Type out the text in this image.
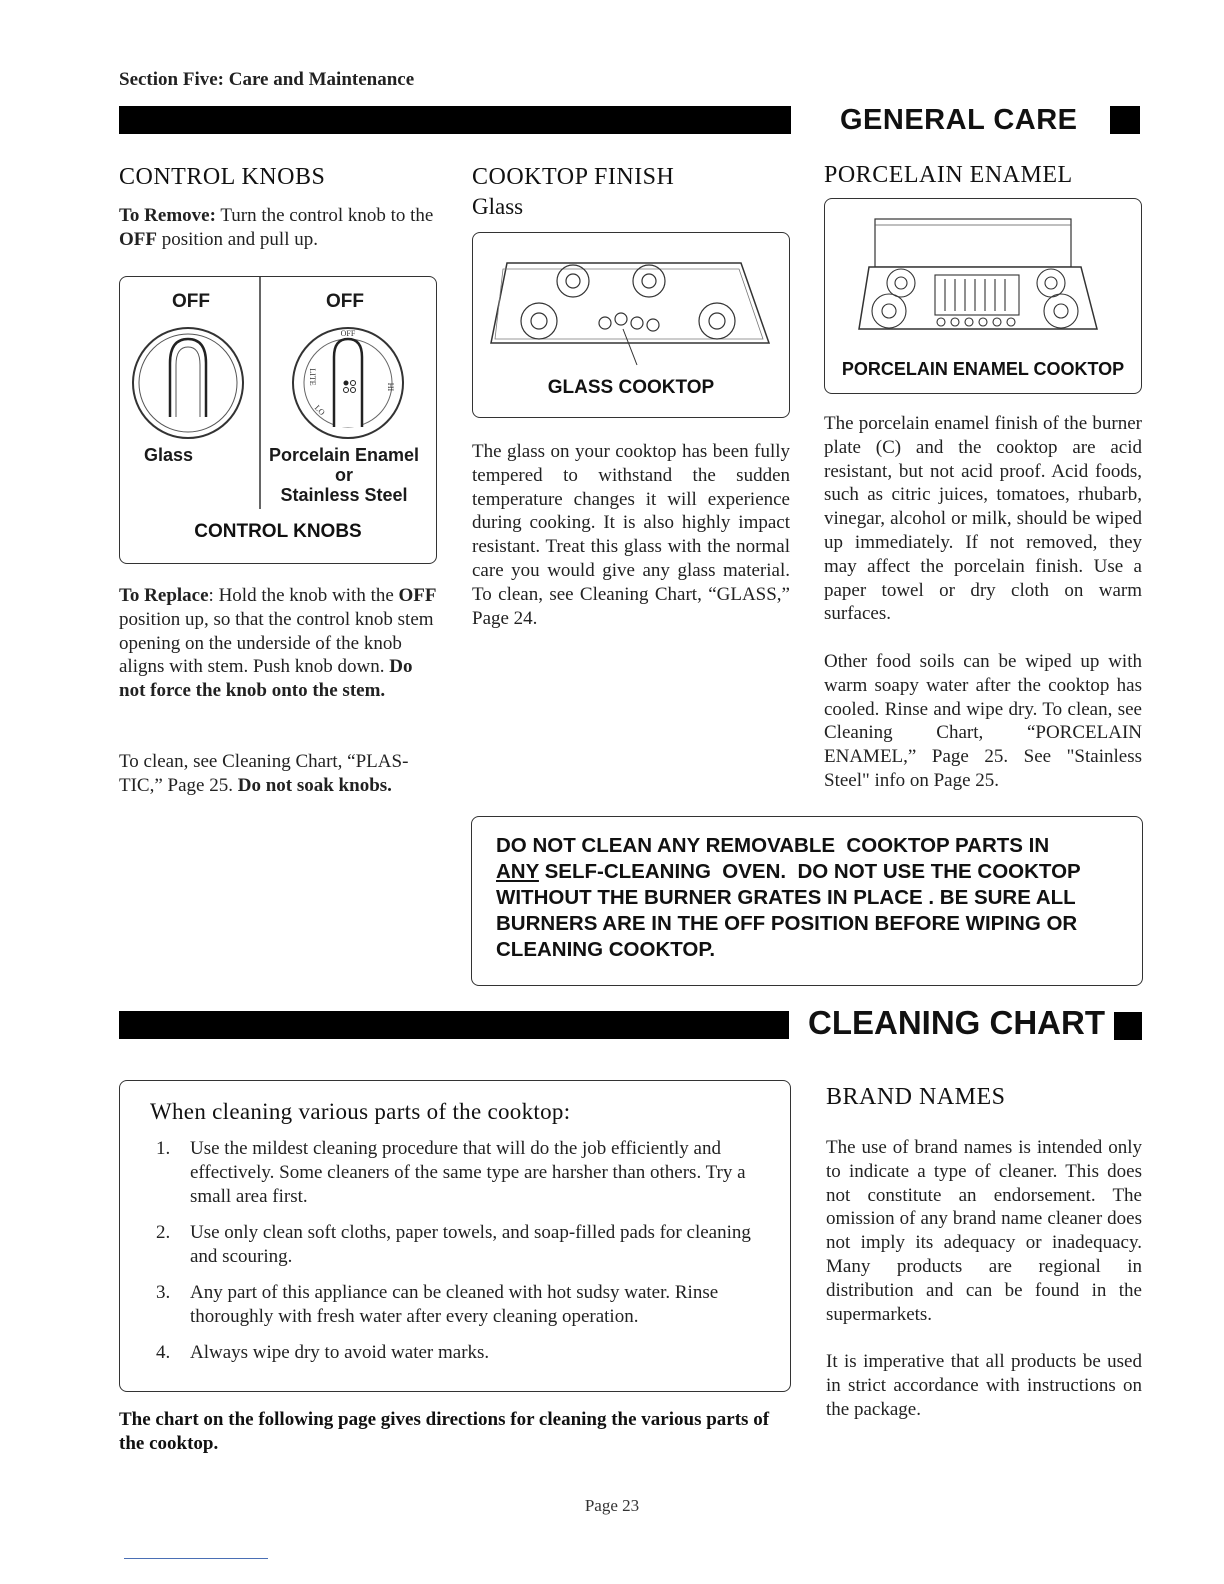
Section Five: Care and Maintenance
GENERAL CARE
CONTROL KNOBS
To Remove: Turn the control knob to the OFF position and pull up.
OFF
HI
LITE
LO
OFF	OFF
Glass	Porcelain Enamel
or
Stainless Steel
CONTROL KNOBS
To Replace: Hold the knob with the OFF position up, so that the control knob stem opening on the underside of the knob aligns with stem. Push knob down. Do not force the knob onto the stem.
To clean, see Cleaning Chart, “PLAS-TIC,” Page 25. Do not soak knobs.
COOKTOP FINISH
Glass
GLASS COOKTOP
The glass on your cooktop has been fully tempered to withstand the sudden temperature changes it will experience during cooking. It is also highly impact resistant. Treat this glass with the normal care you would give any glass material. To clean, see Cleaning Chart, “GLASS,” Page 24.
PORCELAIN ENAMEL
PORCELAIN ENAMEL COOKTOP
The porcelain enamel finish of the burner plate (C) and the cooktop are acid resistant, but not acid proof. Acid foods, such as citric juices, tomatoes, rhubarb, vinegar, alcohol or milk, should be wiped up immediately. If not removed, they may affect the porcelain finish. Use a paper towel or dry cloth on warm surfaces.
Other food soils can be wiped up with warm soapy water after the cooktop has cooled. Rinse and wipe dry. To clean, see Cleaning Chart, “PORCELAIN ENAMEL,” Page 25. See "Stainless Steel" info on Page 25.
DO NOT CLEAN ANY REMOVABLE  COOKTOP PARTS IN
ANY SELF-CLEANING  OVEN.  DO NOT USE THE COOKTOP
WITHOUT THE BURNER GRATES IN PLACE . BE SURE ALL
BURNERS ARE IN THE OFF POSITION BEFORE WIPING OR
CLEANING COOKTOP.
CLEANING CHART
When cleaning various parts of the cooktop:
1. Use the mildest cleaning procedure that will do the job efficiently and effectively. Some cleaners of the same type are harsher than others. Try a small area first.
2. Use only clean soft cloths, paper towels, and soap-filled pads for cleaning and scouring.
3. Any part of this appliance can be cleaned with hot sudsy water. Rinse thoroughly with fresh water after every cleaning operation.
4. Always wipe dry to avoid water marks.
The chart on the following page gives directions for cleaning the various parts of the cooktop.
BRAND NAMES
The use of brand names is intended only to indicate a type of cleaner. This does not constitute an endorsement. The omission of any brand name cleaner does not imply its adequacy or inadequacy. Many products are regional in distribution and can be found in the supermarkets.
It is imperative that all products be used in strict accordance with instructions on the package.
Page 23
